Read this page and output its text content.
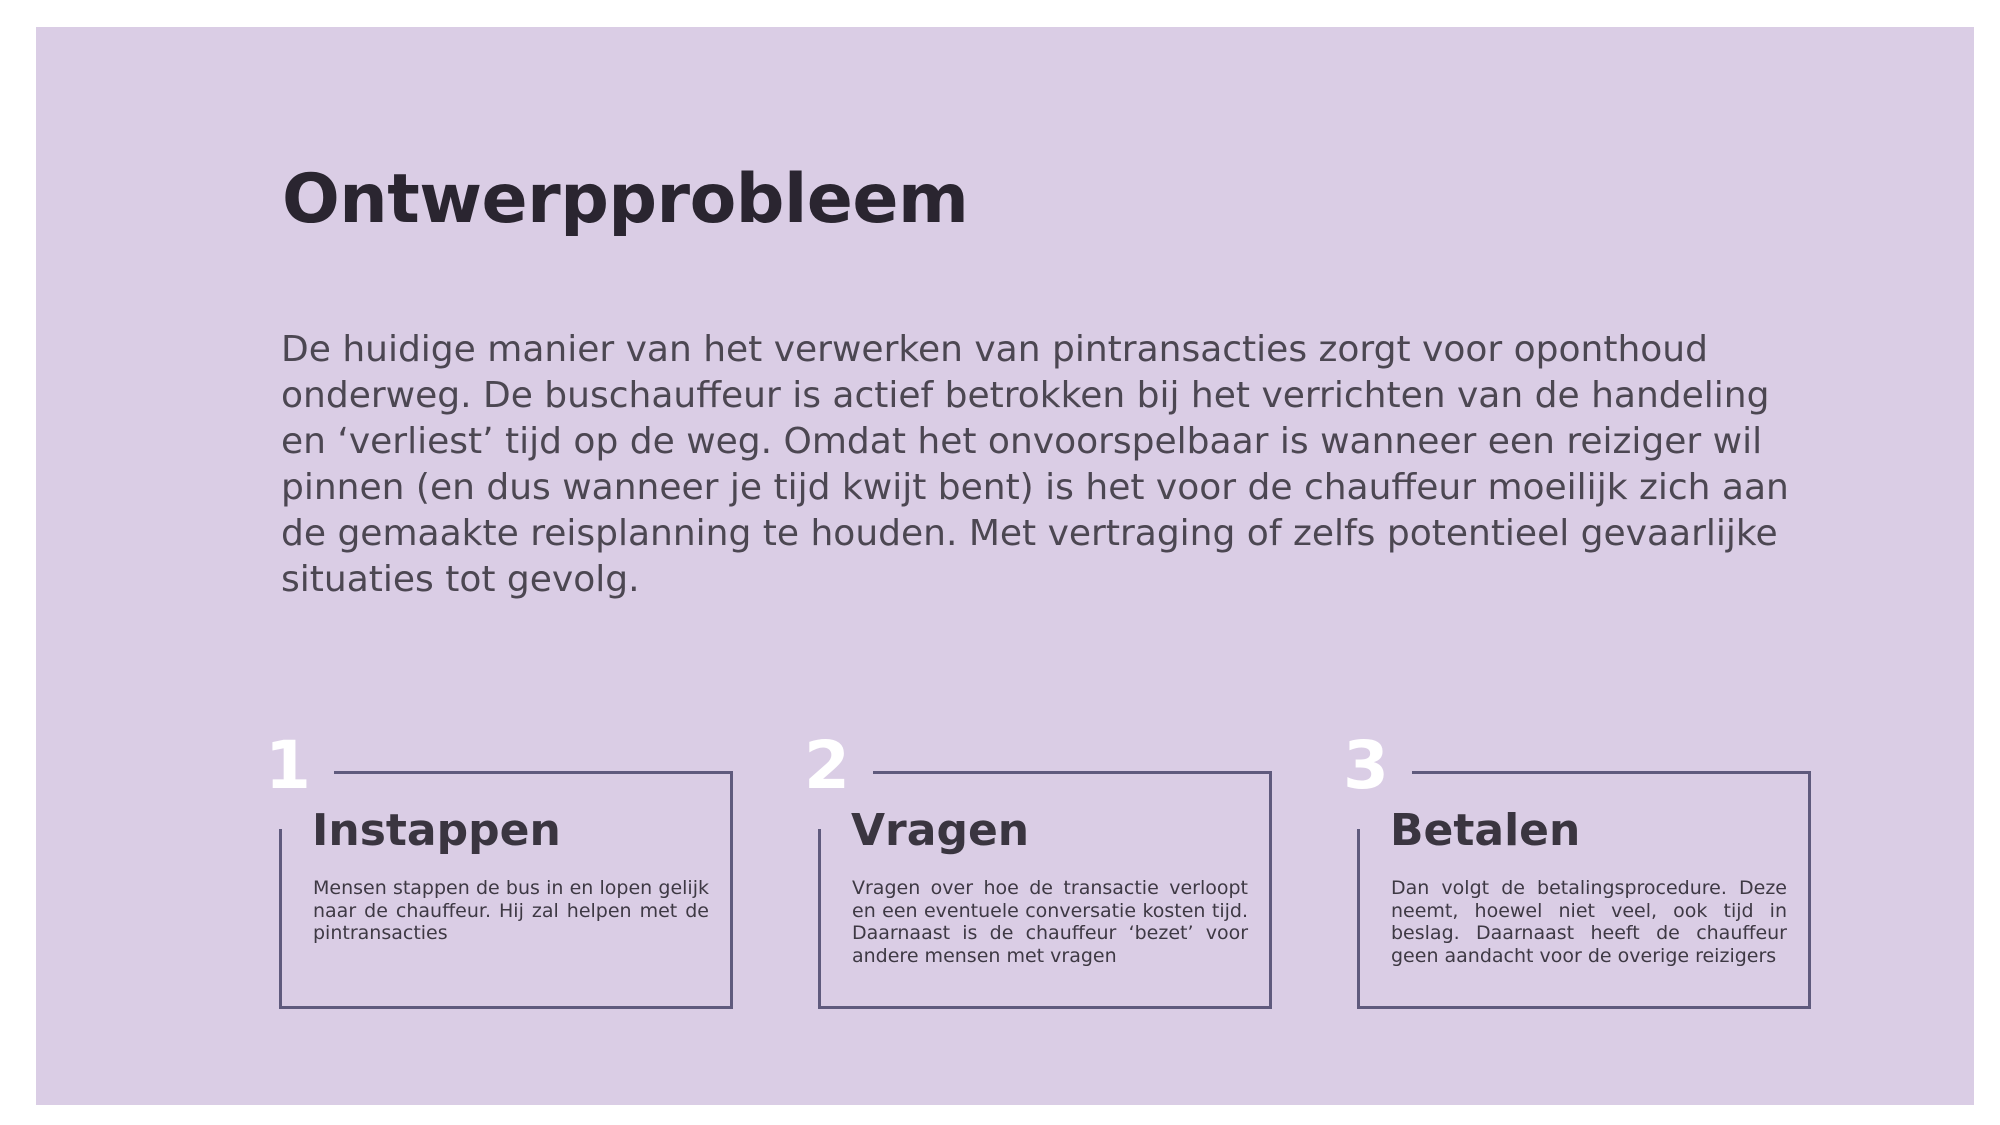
Ontwerpprobleem

De huidige manier van het verwerken van pintransacties zorgt voor oponthoud onderweg. De buschauffeur is actief betrokken bij het verrichten van de handeling en ‘verliest’ tijd op de weg. Omdat het onvoorspelbaar is wanneer een reiziger wil pinnen (en dus wanneer je tijd kwijt bent) is het voor de chauffeur moeilijk zich aan de gemaakte reisplanning te houden. Met vertraging of zelfs potentieel gevaarlijke situaties tot gevolg.

1
Instappen

Mensen stappen de bus in en lopen gelijk naar de chauffeur. Hij zal helpen met de pintransacties

2
Vragen

Vragen over hoe de transactie verloopt en een eventuele conversatie kosten tijd. Daarnaast is de chauffeur ‘bezet’ voor andere mensen met vragen

3
Betalen

Dan volgt de betalingsprocedure. Deze neemt, hoewel niet veel, ook tijd in beslag. Daarnaast heeft de chauffeur geen aandacht voor de overige reizigers
